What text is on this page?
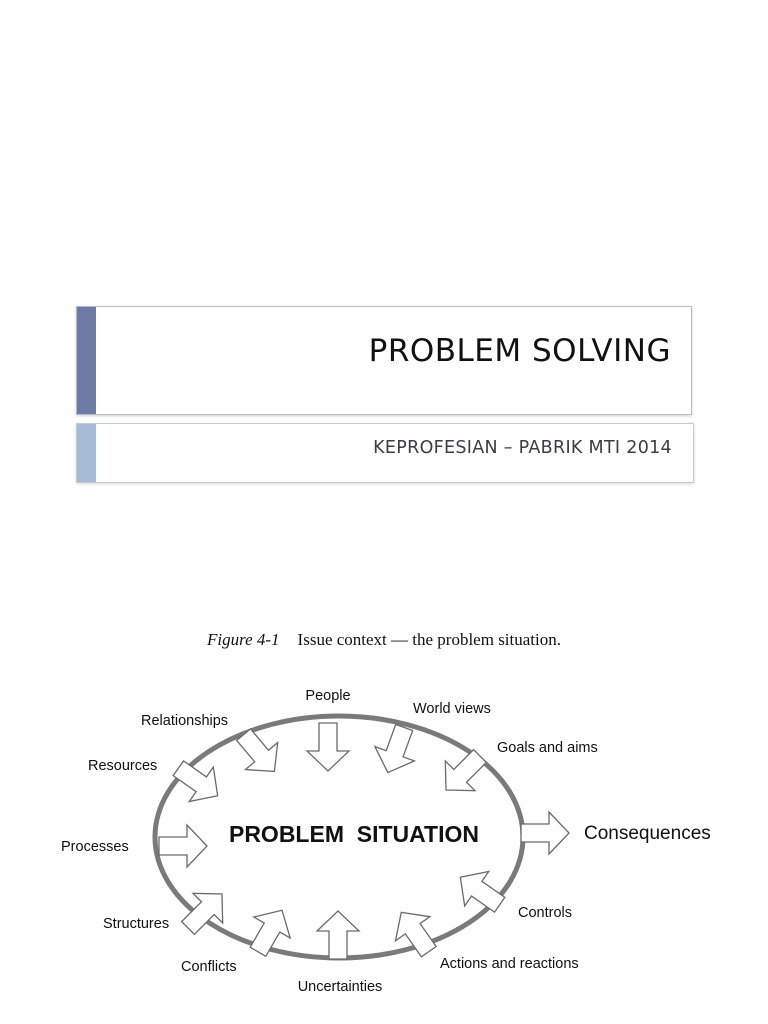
PROBLEM SOLVING
KEPROFESIAN – PABRIK MTI 2014
Figure 4-1 Issue context — the problem situation.
PROBLEM  SITUATION
People
World views
Relationships
Goals and aims
Resources
Processes
Structures
Controls
Conflicts	Actions and reactions
Uncertainties
Consequences
